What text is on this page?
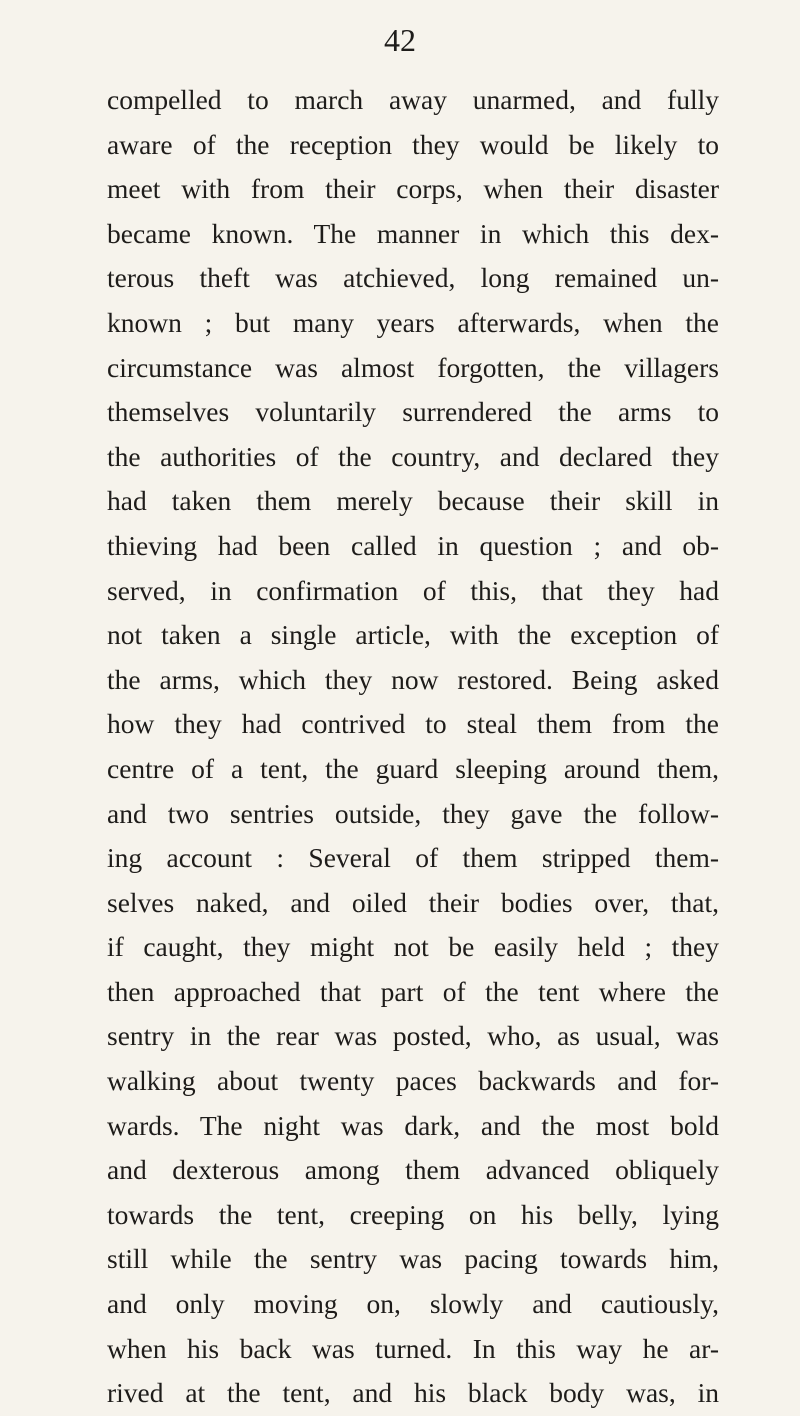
42
compelled to march away unarmed, and fully
aware of the reception they would be likely to
meet with from their corps, when their disaster
became known. The manner in which this dex-
terous theft was atchieved, long remained un-
known ; but many years afterwards, when the
circumstance was almost forgotten, the villagers
themselves voluntarily surrendered the arms to
the authorities of the country, and declared they
had taken them merely because their skill in
thieving had been called in question ; and ob-
served, in confirmation of this, that they had
not taken a single article, with the exception of
the arms, which they now restored. Being asked
how they had contrived to steal them from the
centre of a tent, the guard sleeping around them,
and two sentries outside, they gave the follow-
ing account : Several of them stripped them-
selves naked, and oiled their bodies over, that,
if caught, they might not be easily held ; they
then approached that part of the tent where the
sentry in the rear was posted, who, as usual, was
walking about twenty paces backwards and for-
wards. The night was dark, and the most bold
and dexterous among them advanced obliquely
towards the tent, creeping on his belly, lying
still while the sentry was pacing towards him,
and only moving on, slowly and cautiously,
when his back was turned. In this way he ar-
rived at the tent, and his black body was, in
